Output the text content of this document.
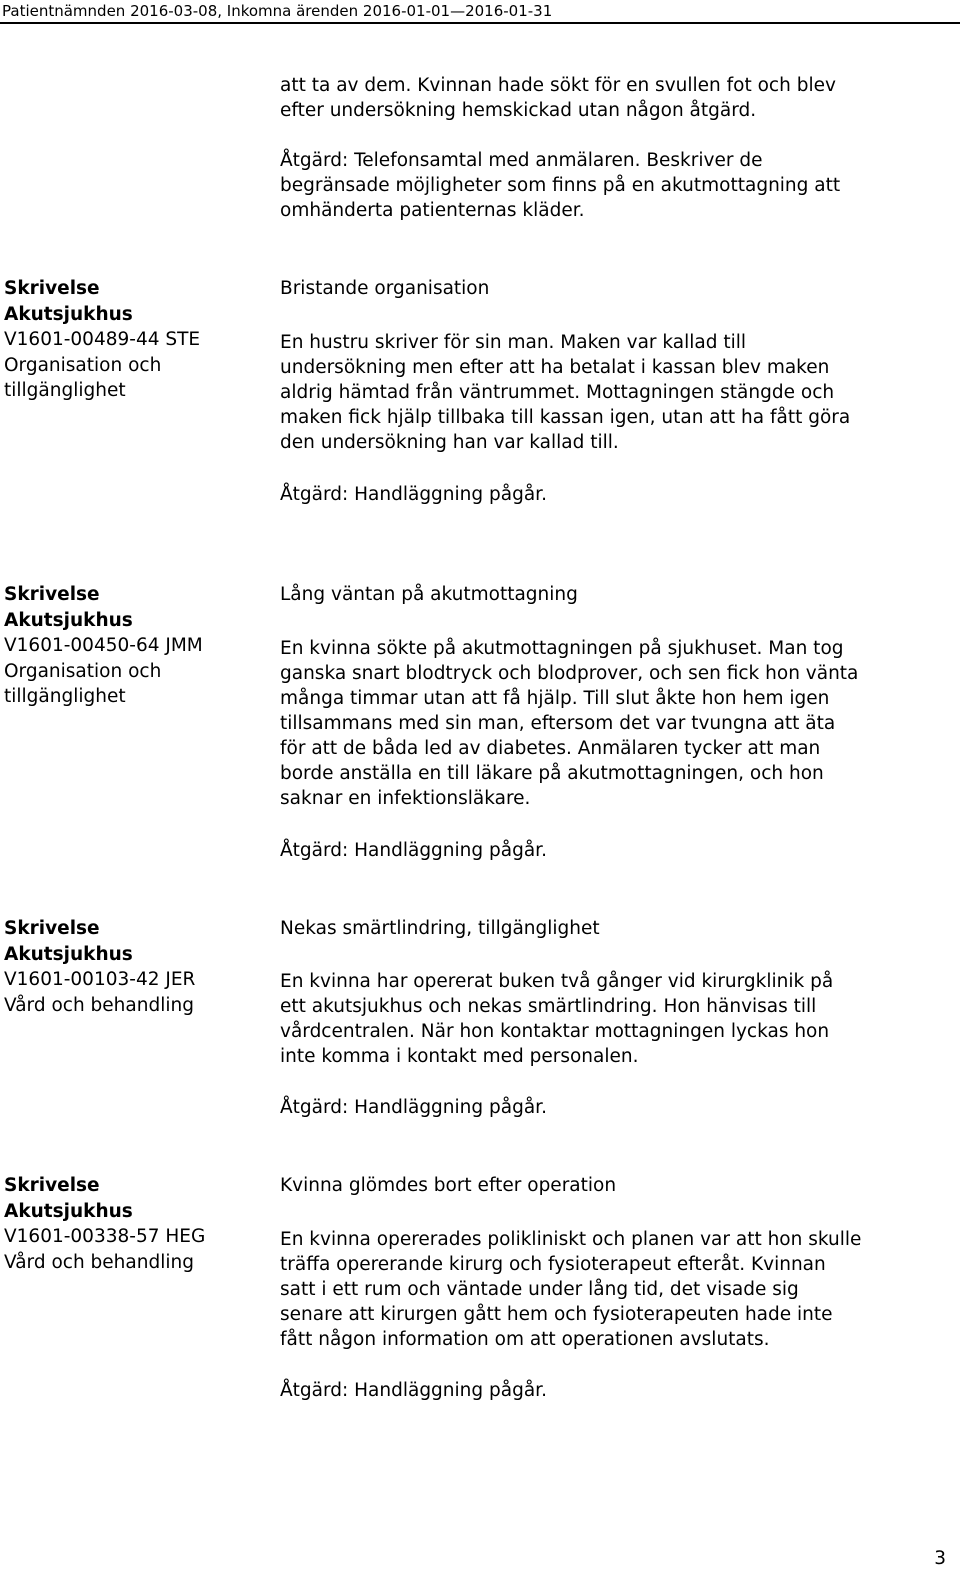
Patientnämnden 2016-03-08, Inkomna ärenden 2016-01-01—2016-01-31
att ta av dem. Kvinnan hade sökt för en svullen fot och blev
efter undersökning hemskickad utan någon åtgärd.
Åtgärd: Telefonsamtal med anmälaren. Beskriver de
begränsade möjligheter som finns på en akutmottagning att
omhänderta patienternas kläder.
Skrivelse
Akutsjukhus
V1601-00489-44 STE
Organisation och
tillgänglighet
Bristande organisation
En hustru skriver för sin man. Maken var kallad till
undersökning men efter att ha betalat i kassan blev maken
aldrig hämtad från väntrummet. Mottagningen stängde och
maken fick hjälp tillbaka till kassan igen, utan att ha fått göra
den undersökning han var kallad till.
Åtgärd: Handläggning pågår.
Skrivelse
Akutsjukhus
V1601-00450-64 JMM
Organisation och
tillgänglighet
Lång väntan på akutmottagning
En kvinna sökte på akutmottagningen på sjukhuset. Man tog
ganska snart blodtryck och blodprover, och sen fick hon vänta
många timmar utan att få hjälp. Till slut åkte hon hem igen
tillsammans med sin man, eftersom det var tvungna att äta
för att de båda led av diabetes. Anmälaren tycker att man
borde anställa en till läkare på akutmottagningen, och hon
saknar en infektionsläkare.
Åtgärd: Handläggning pågår.
Skrivelse
Akutsjukhus
V1601-00103-42 JER
Vård och behandling
Nekas smärtlindring, tillgänglighet
En kvinna har opererat buken två gånger vid kirurgklinik på
ett akutsjukhus och nekas smärtlindring. Hon hänvisas till
vårdcentralen. När hon kontaktar mottagningen lyckas hon
inte komma i kontakt med personalen.
Åtgärd: Handläggning pågår.
Skrivelse
Akutsjukhus
V1601-00338-57 HEG
Vård och behandling
Kvinna glömdes bort efter operation
En kvinna opererades polikliniskt och planen var att hon skulle
träffa opererande kirurg och fysioterapeut efteråt. Kvinnan
satt i ett rum och väntade under lång tid, det visade sig
senare att kirurgen gått hem och fysioterapeuten hade inte
fått någon information om att operationen avslutats.
Åtgärd: Handläggning pågår.
3
